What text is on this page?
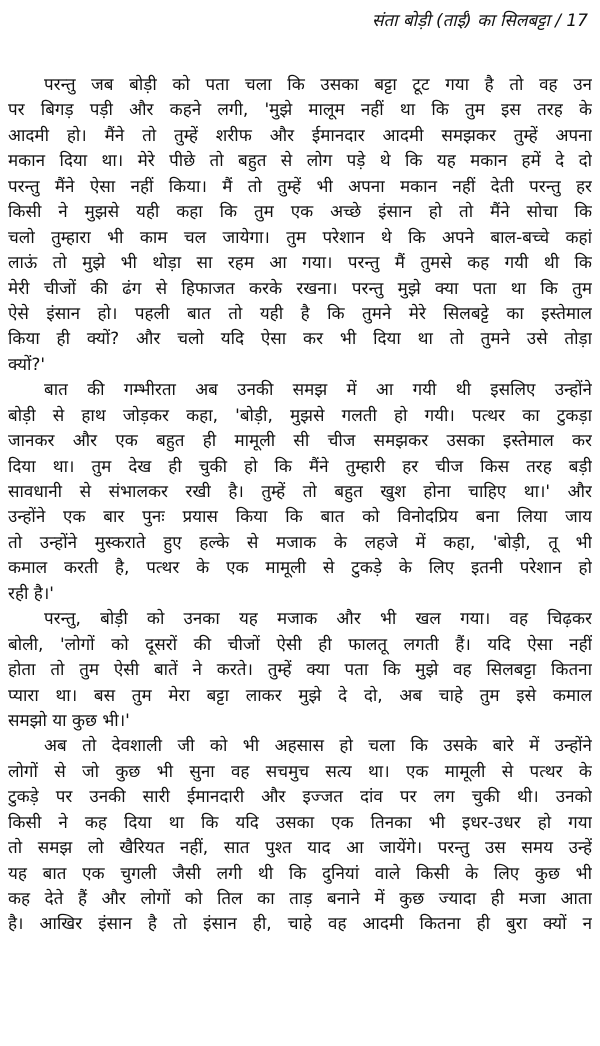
संता बोड़ी (ताई) का सिलबट्टा / 17
परन्तु जब बोड़ी को पता चला कि उसका बट्टा टूट गया है तो वह उन
पर बिगड़ पड़ी और कहने लगी, 'मुझे मालूम नहीं था कि तुम इस तरह के
आदमी हो। मैंने तो तुम्हें शरीफ और ईमानदार आदमी समझकर तुम्हें अपना
मकान दिया था। मेरे पीछे तो बहुत से लोग पड़े थे कि यह मकान हमें दे दो
परन्तु मैंने ऐसा नहीं किया। मैं तो तुम्हें भी अपना मकान नहीं देती परन्तु हर
किसी ने मुझसे यही कहा कि तुम एक अच्छे इंसान हो तो मैंने सोचा कि
चलो तुम्हारा भी काम चल जायेगा। तुम परेशान थे कि अपने बाल-बच्चे कहां
लाऊं तो मुझे भी थोड़ा सा रहम आ गया। परन्तु मैं तुमसे कह गयी थी कि
मेरी चीजों की ढंग से हिफाजत करके रखना। परन्तु मुझे क्या पता था कि तुम
ऐसे इंसान हो। पहली बात तो यही है कि तुमने मेरे सिलबट्टे का इस्तेमाल
किया ही क्यों? और चलो यदि ऐसा कर भी दिया था तो तुमने उसे तोड़ा
क्यों?'
बात की गम्भीरता अब उनकी समझ में आ गयी थी इसलिए उन्होंने
बोड़ी से हाथ जोड़कर कहा, 'बोड़ी, मुझसे गलती हो गयी। पत्थर का टुकड़ा
जानकर और एक बहुत ही मामूली सी चीज समझकर उसका इस्तेमाल कर
दिया था। तुम देख ही चुकी हो कि मैंने तुम्हारी हर चीज किस तरह बड़ी
सावधानी से संभालकर रखी है। तुम्हें तो बहुत खुश होना चाहिए था।' और
उन्होंने एक बार पुनः प्रयास किया कि बात को विनोदप्रिय बना लिया जाय
तो उन्होंने मुस्कराते हुए हल्के से मजाक के लहजे में कहा, 'बोड़ी, तू भी
कमाल करती है, पत्थर के एक मामूली से टुकड़े के लिए इतनी परेशान हो
रही है।'
परन्तु, बोड़ी को उनका यह मजाक और भी खल गया। वह चिढ़कर
बोली, 'लोगों को दूसरों की चीजों ऐसी ही फालतू लगती हैं। यदि ऐसा नहीं
होता तो तुम ऐसी बातें ने करते। तुम्हें क्या पता कि मुझे वह सिलबट्टा कितना
प्यारा था। बस तुम मेरा बट्टा लाकर मुझे दे दो, अब चाहे तुम इसे कमाल
समझो या कुछ भी।'
अब तो देवशाली जी को भी अहसास हो चला कि उसके बारे में उन्होंने
लोगों से जो कुछ भी सुना वह सचमुच सत्य था। एक मामूली से पत्थर के
टुकड़े पर उनकी सारी ईमानदारी और इज्जत दांव पर लग चुकी थी। उनको
किसी ने कह दिया था कि यदि उसका एक तिनका भी इधर-उधर हो गया
तो समझ लो खैरियत नहीं, सात पुश्त याद आ जायेंगे। परन्तु उस समय उन्हें
यह बात एक चुगली जैसी लगी थी कि दुनियां वाले किसी के लिए कुछ भी
कह देते हैं और लोगों को तिल का ताड़ बनाने में कुछ ज्यादा ही मजा आता
है। आखिर इंसान है तो इंसान ही, चाहे वह आदमी कितना ही बुरा क्यों न
